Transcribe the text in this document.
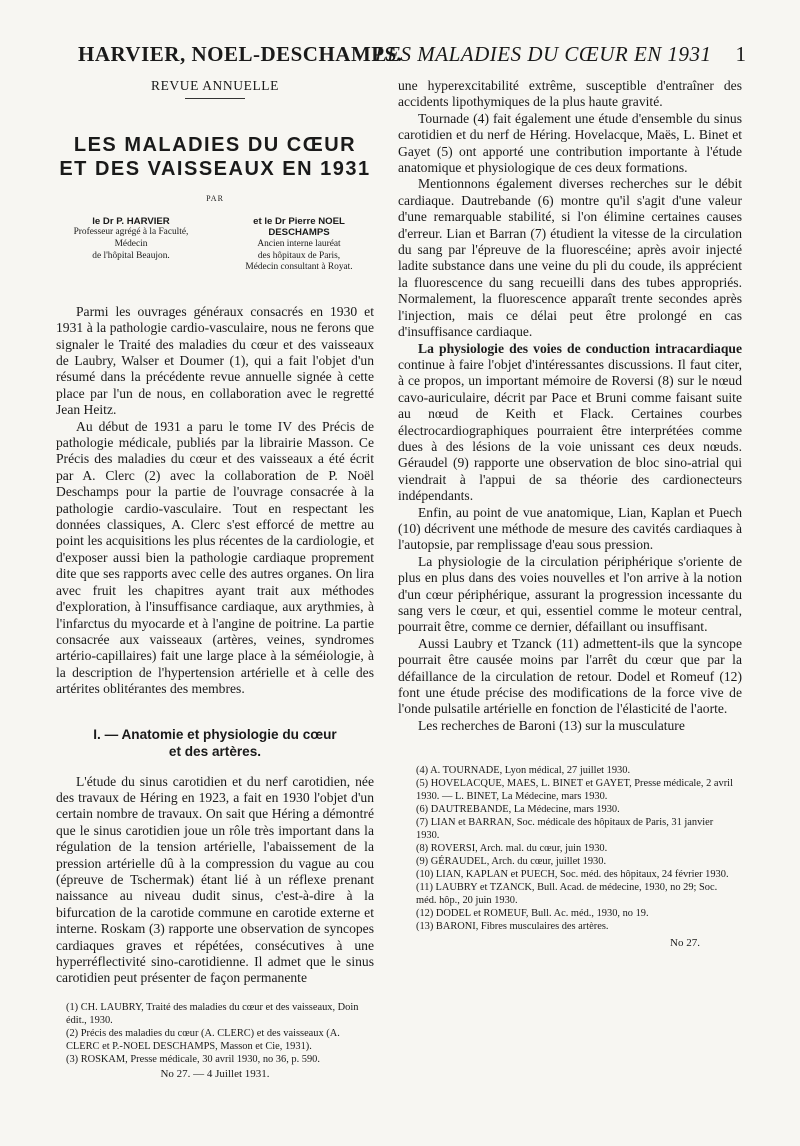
HARVIER, NOEL-DESCHAMPS.
LES MALADIES DU CŒUR EN 1931 1

REVUE ANNUELLE

LES MALADIES DU CŒUR
ET DES VAISSEAUX EN 1931

PAR

le Dr P. HARVIER
Professeur agrégé à la Faculté,
Médecin
de l'hôpital Beaujon.
et le Dr Pierre NOEL
DESCHAMPS
Ancien interne lauréat
des hôpitaux de Paris,
Médecin consultant à Royat.

Parmi les ouvrages généraux consacrés en 1930 et 1931 à la pathologie cardio-vasculaire, nous ne ferons que signaler le Traité des maladies du cœur et des vaisseaux de Laubry, Walser et Doumer (1), qui a fait l'objet d'un résumé dans la précédente revue annuelle signée à cette place par l'un de nous, en collaboration avec le regretté Jean Heitz.

Au début de 1931 a paru le tome IV des Précis de pathologie médicale, publiés par la librairie Masson. Ce Précis des maladies du cœur et des vaisseaux a été écrit par A. Clerc (2) avec la collaboration de P. Noël Deschamps pour la partie de l'ouvrage consacrée à la pathologie cardio-vasculaire. Tout en respectant les données classiques, A. Clerc s'est efforcé de mettre au point les acquisitions les plus récentes de la cardiologie, et d'exposer aussi bien la pathologie cardiaque proprement dite que ses rapports avec celle des autres organes. On lira avec fruit les chapitres ayant trait aux méthodes d'exploration, à l'insuffisance cardiaque, aux arythmies, à l'infarctus du myocarde et à l'angine de poitrine. La partie consacrée aux vaisseaux (artères, veines, syndromes artério-capillaires) fait une large place à la séméiologie, à la description de l'hypertension artérielle et à celle des artérites oblitérantes des membres.

I. — Anatomie et physiologie du cœur
et des artères.

L'étude du sinus carotidien et du nerf carotidien, née des travaux de Héring en 1923, a fait en 1930 l'objet d'un certain nombre de travaux. On sait que Héring a démontré que le sinus carotidien joue un rôle très important dans la régulation de la tension artérielle, l'abaissement de la pression artérielle dû à la compression du vague au cou (épreuve de Tschermak) étant lié à un réflexe prenant naissance au niveau dudit sinus, c'est-à-dire à la bifurcation de la carotide commune en carotide externe et interne. Roskam (3) rapporte une observation de syncopes cardiaques graves et répétées, consécutives à une hyperréflectivité sino-carotidienne. Il admet que le sinus carotidien peut présenter de façon permanente

(1) CH. LAUBRY, Traité des maladies du cœur et des vaisseaux, Doin édit., 1930.

(2) Précis des maladies du cœur (A. CLERC) et des vaisseaux (A. CLERC et P.-NOEL DESCHAMPS, Masson et Cie, 1931).

(3) ROSKAM, Presse médicale, 30 avril 1930, no 36, p. 590.

No 27. — 4 Juillet 1931.

une hyperexcitabilité extrême, susceptible d'entraîner des accidents lipothymiques de la plus haute gravité.

Tournade (4) fait également une étude d'ensemble du sinus carotidien et du nerf de Héring. Hovelacque, Maës, L. Binet et Gayet (5) ont apporté une contribution importante à l'étude anatomique et physiologique de ces deux formations.

Mentionnons également diverses recherches sur le débit cardiaque. Dautrebande (6) montre qu'il s'agit d'une valeur d'une remarquable stabilité, si l'on élimine certaines causes d'erreur. Lian et Barran (7) étudient la vitesse de la circulation du sang par l'épreuve de la fluorescéine; après avoir injecté ladite substance dans une veine du pli du coude, ils apprécient la fluorescence du sang recueilli dans des tubes appropriés. Normalement, la fluorescence apparaît trente secondes après l'injection, mais ce délai peut être prolongé en cas d'insuffisance cardiaque.

La physiologie des voies de conduction intracardiaque continue à faire l'objet d'intéressantes discussions. Il faut citer, à ce propos, un important mémoire de Roversi (8) sur le nœud cavo-auriculaire, décrit par Pace et Bruni comme faisant suite au nœud de Keith et Flack. Certaines courbes électrocardiographiques pourraient être interprétées comme dues à des lésions de la voie unissant ces deux nœuds. Géraudel (9) rapporte une observation de bloc sino-atrial qui viendrait à l'appui de sa théorie des cardionecteurs indépendants.

Enfin, au point de vue anatomique, Lian, Kaplan et Puech (10) décrivent une méthode de mesure des cavités cardiaques à l'autopsie, par remplissage d'eau sous pression.

La physiologie de la circulation périphérique s'oriente de plus en plus dans des voies nouvelles et l'on arrive à la notion d'un cœur périphérique, assurant la progression incessante du sang vers le cœur, et qui, essentiel comme le moteur central, pourrait être, comme ce dernier, défaillant ou insuffisant.

Aussi Laubry et Tzanck (11) admettent-ils que la syncope pourrait être causée moins par l'arrêt du cœur que par la défaillance de la circulation de retour. Dodel et Romeuf (12) font une étude précise des modifications de la force vive de l'onde pulsatile artérielle en fonction de l'élasticité de l'aorte.

Les recherches de Baroni (13) sur la musculature

(4) A. TOURNADE, Lyon médical, 27 juillet 1930.

(5) HOVELACQUE, MAES, L. BINET et GAYET, Presse médicale, 2 avril 1930. — L. BINET, La Médecine, mars 1930.

(6) DAUTREBANDE, La Médecine, mars 1930.

(7) LIAN et BARRAN, Soc. médicale des hôpitaux de Paris, 31 janvier 1930.

(8) ROVERSI, Arch. mal. du cœur, juin 1930.

(9) GÉRAUDEL, Arch. du cœur, juillet 1930.

(10) LIAN, KAPLAN et PUECH, Soc. méd. des hôpitaux, 24 février 1930.

(11) LAUBRY et TZANCK, Bull. Acad. de médecine, 1930, no 29; Soc. méd. hôp., 20 juin 1930.

(12) DODEL et ROMEUF, Bull. Ac. méd., 1930, no 19.

(13) BARONI, Fibres musculaires des artères.

No 27.
